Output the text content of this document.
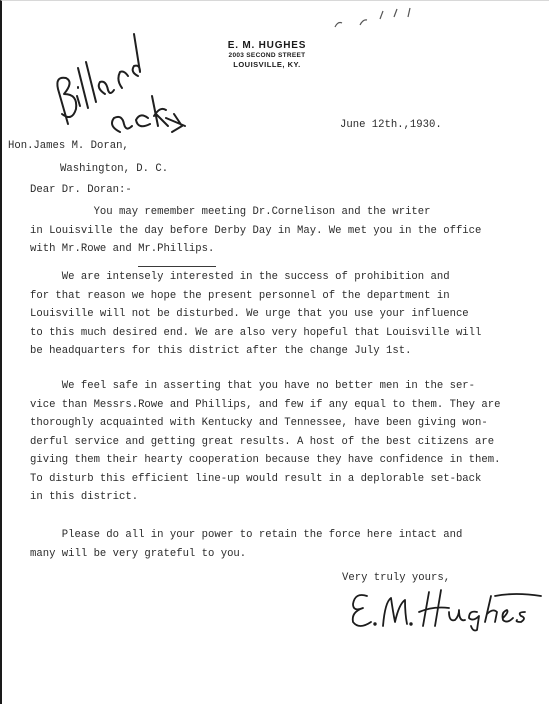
E. M. HUGHES
2003 SECOND STREET
LOUISVILLE, KY.
June 12th.,1930.
Hon.James M. Doran,
Washington, D. C.
Dear Dr. Doran:-
You may remember meeting Dr.Cornelison and the writer
in Louisville the day before Derby Day in May. We met you in the office
with Mr.Rowe and Mr.Phillips.
We are intensely interested in the success of prohibition and
for that reason we hope the present personnel of the department in
Louisville will not be disturbed. We urge that you use your influence
to this much desired end. We are also very hopeful that Louisville will
be headquarters for this district after the change July 1st.
We feel safe in asserting that you have no better men in the ser-
vice than Messrs.Rowe and Phillips, and few if any equal to them. They are
thoroughly acquainted with Kentucky and Tennessee, have been giving won-
derful service and getting great results. A host of the best citizens are
giving them their hearty cooperation because they have confidence in them.
To disturb this efficient line-up would result in a deplorable set-back
in this district.
Please do all in your power to retain the force here intact and
many will be very grateful to you.
Very truly yours,
